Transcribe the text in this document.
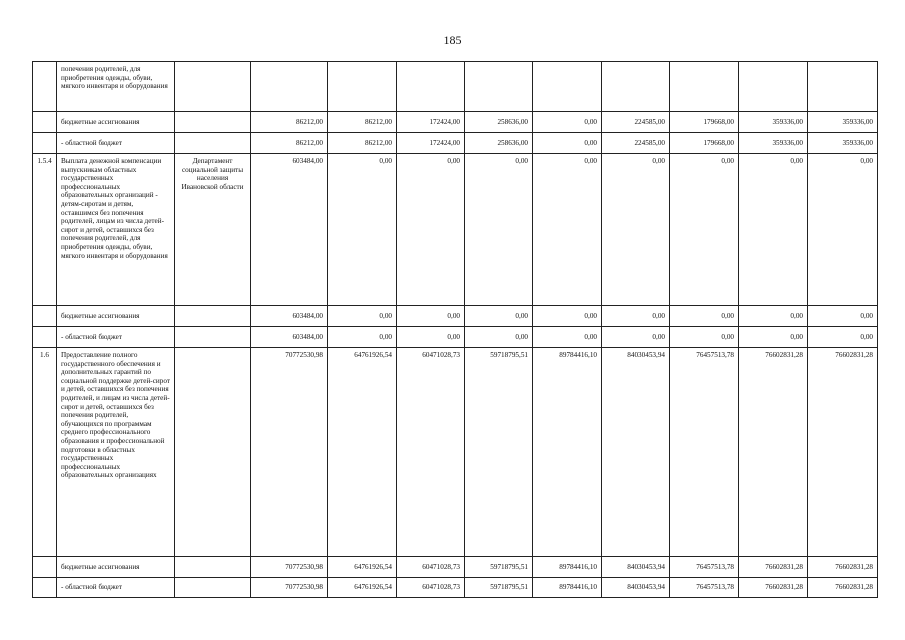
185
	попечения родителей, для приобретения одежды, обуви, мягкого инвентаря и оборудования										
	бюджетные ассигнования		86212,00	86212,00	172424,00	258636,00	0,00	224585,00	179668,00	359336,00	359336,00
	- областной бюджет		86212,00	86212,00	172424,00	258636,00	0,00	224585,00	179668,00	359336,00	359336,00
1.5.4	Выплата денежной компенсации выпускникам областных государственных профессиональных образовательных организаций - детям-сиротам и детям, оставшимся без попечения родителей, лицам из числа детей-сирот и детей, оставшихся без попечения родителей, для приобретения одежды, обуви, мягкого инвентаря и оборудования	Департамент социальной защиты населения Ивановской области	603484,00	0,00	0,00	0,00	0,00	0,00	0,00	0,00	0,00
	бюджетные ассигнования		603484,00	0,00	0,00	0,00	0,00	0,00	0,00	0,00	0,00
	- областной бюджет		603484,00	0,00	0,00	0,00	0,00	0,00	0,00	0,00	0,00
1.6	Предоставление полного государственного обеспечения и дополнительных гарантий по социальной поддержке детей-сирот и детей, оставшихся без попечения родителей, и лицам из числа детей-сирот и детей, оставшихся без попечения родителей, обучающихся по программам среднего профессионального образования и профессиональной подготовки в областных государственных профессиональных образовательных организациях		70772530,98	64761926,54	60471028,73	59718795,51	89784416,10	84030453,94	76457513,78	76602831,28	76602831,28
	бюджетные ассигнования		70772530,98	64761926,54	60471028,73	59718795,51	89784416,10	84030453,94	76457513,78	76602831,28	76602831,28
	- областной бюджет		70772530,98	64761926,54	60471028,73	59718795,51	89784416,10	84030453,94	76457513,78	76602831,28	76602831,28
